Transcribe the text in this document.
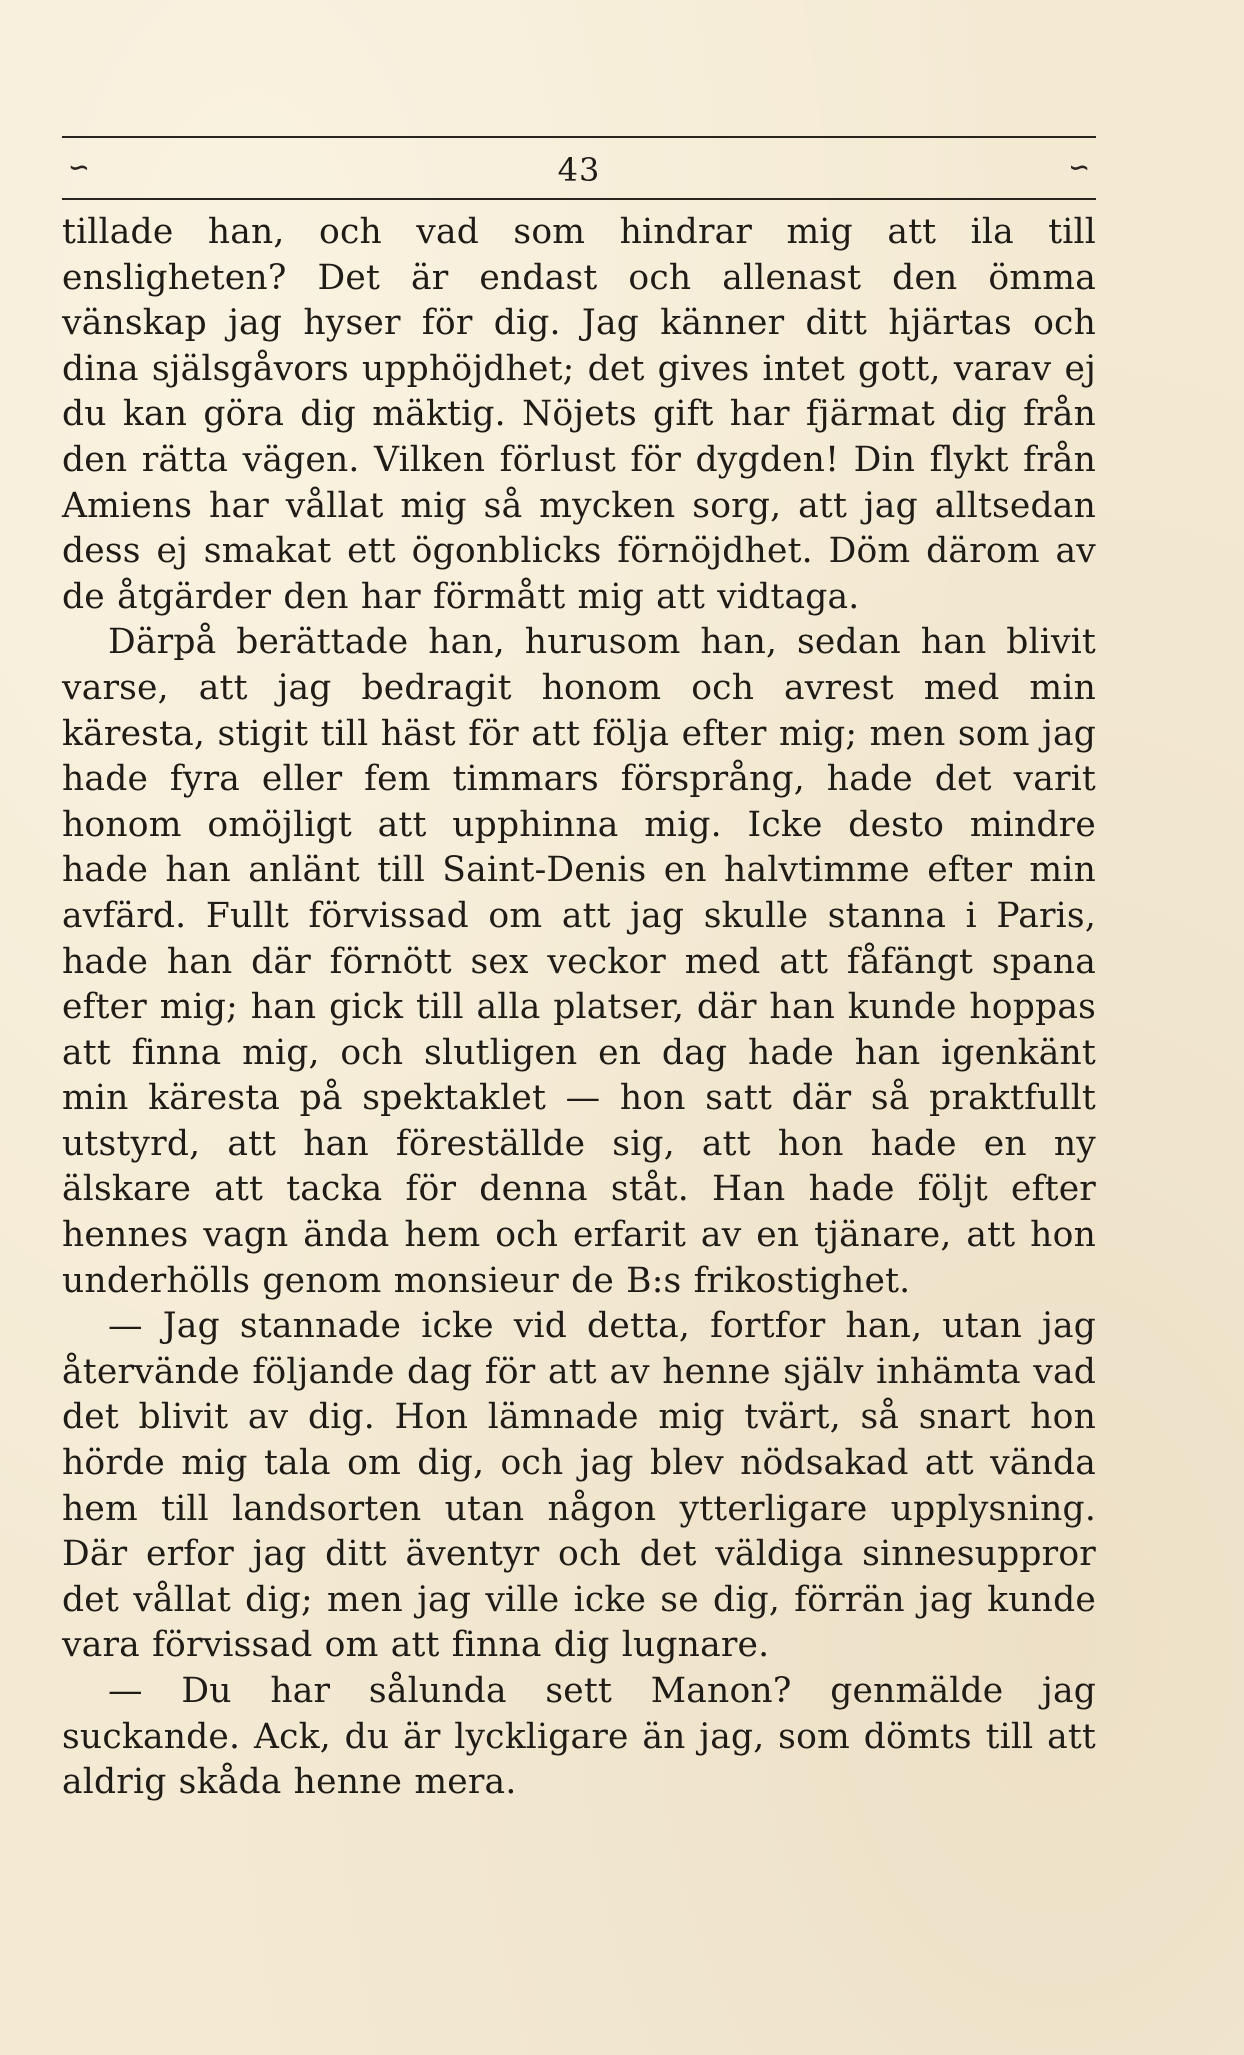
∽	43	∽

tillade han, och vad som hindrar mig att ila till ensligheten? Det är endast och allenast den ömma vänskap jag hyser för dig. Jag känner ditt hjärtas och dina själsgåvors upphöjdhet; det gives intet gott, varav ej du kan göra dig mäktig. Nöjets gift har fjärmat dig från den rätta vägen. Vilken förlust för dygden! Din flykt från Amiens har vållat mig så mycken sorg, att jag alltsedan dess ej smakat ett ögonblicks förnöjdhet. Döm därom av de åtgärder den har förmått mig att vidtaga.

Därpå berättade han, hurusom han, sedan han blivit varse, att jag bedragit honom och avrest med min käresta, stigit till häst för att följa efter mig; men som jag hade fyra eller fem timmars försprång, hade det varit honom omöjligt att upphinna mig. Icke desto mindre hade han anlänt till Saint-Denis en halvtimme efter min avfärd. Fullt förvissad om att jag skulle stanna i Paris, hade han där förnött sex veckor med att fåfängt spana efter mig; han gick till alla platser, där han kunde hoppas att finna mig, och slutligen en dag hade han igenkänt min käresta på spektaklet — hon satt där så praktfullt utstyrd, att han föreställde sig, att hon hade en ny älskare att tacka för denna ståt. Han hade följt efter hennes vagn ända hem och erfarit av en tjänare, att hon underhölls genom monsieur de B:s frikostighet.

— Jag stannade icke vid detta, fortfor han, utan jag återvände följande dag för att av henne själv inhämta vad det blivit av dig. Hon lämnade mig tvärt, så snart hon hörde mig tala om dig, och jag blev nödsakad att vända hem till landsorten utan någon ytterligare upplysning. Där erfor jag ditt äventyr och det väldiga sinnesuppror det vållat dig; men jag ville icke se dig, förrän jag kunde vara förvissad om att finna dig lugnare.

— Du har sålunda sett Manon? genmälde jag suckande. Ack, du är lyckligare än jag, som dömts till att aldrig skåda henne mera.
